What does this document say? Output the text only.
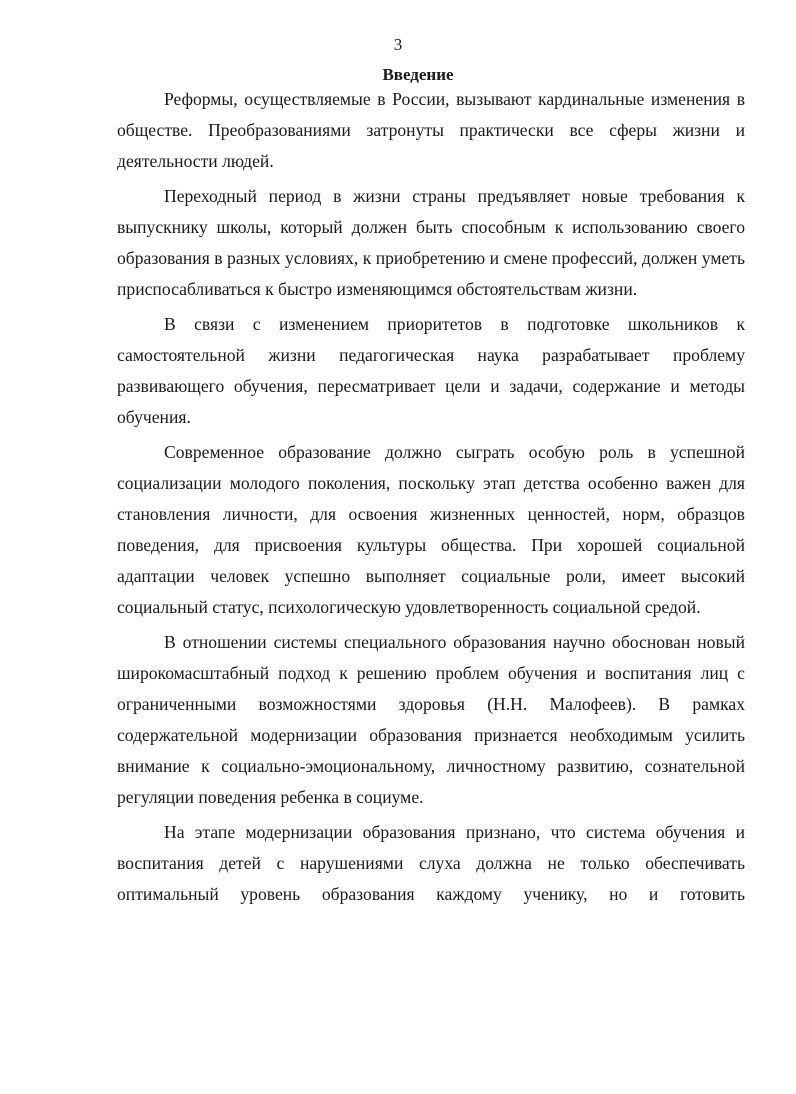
3
Введение

Реформы, осуществляемые в России, вызывают кардинальные изменения в обществе. Преобразованиями затронуты практически все сферы жизни и деятельности людей.

Переходный период в жизни страны предъявляет новые требования к выпускнику школы, который должен быть способным к использованию своего образования в разных условиях, к приобретению и смене профессий, должен уметь приспосабливаться к быстро изменяющимся обстоятельствам жизни.

В связи с изменением приоритетов в подготовке школьников к самостоятельной жизни педагогическая наука разрабатывает проблему развивающего обучения, пересматривает цели и задачи, содержание и методы обучения.

Современное образование должно сыграть особую роль в успешной социализации молодого поколения, поскольку этап детства особенно важен для становления личности, для освоения жизненных ценностей, норм, образцов поведения, для присвоения культуры общества. При хорошей социальной адаптации человек успешно выполняет социальные роли, имеет высокий социальный статус, психологическую удовлетворенность социальной средой.

В отношении системы специального образования научно обоснован новый широкомасштабный подход к решению проблем обучения и воспитания лиц с ограниченными возможностями здоровья (Н.Н. Малофеев). В рамках содержательной модернизации образования признается необходимым усилить внимание к социально-эмоциональному, личностному развитию, сознательной регуляции поведения ребенка в социуме.

На этапе модернизации образования признано, что система обучения и воспитания детей с нарушениями слуха должна не только обеспечивать оптимальный уровень образования каждому ученику, но и готовить
